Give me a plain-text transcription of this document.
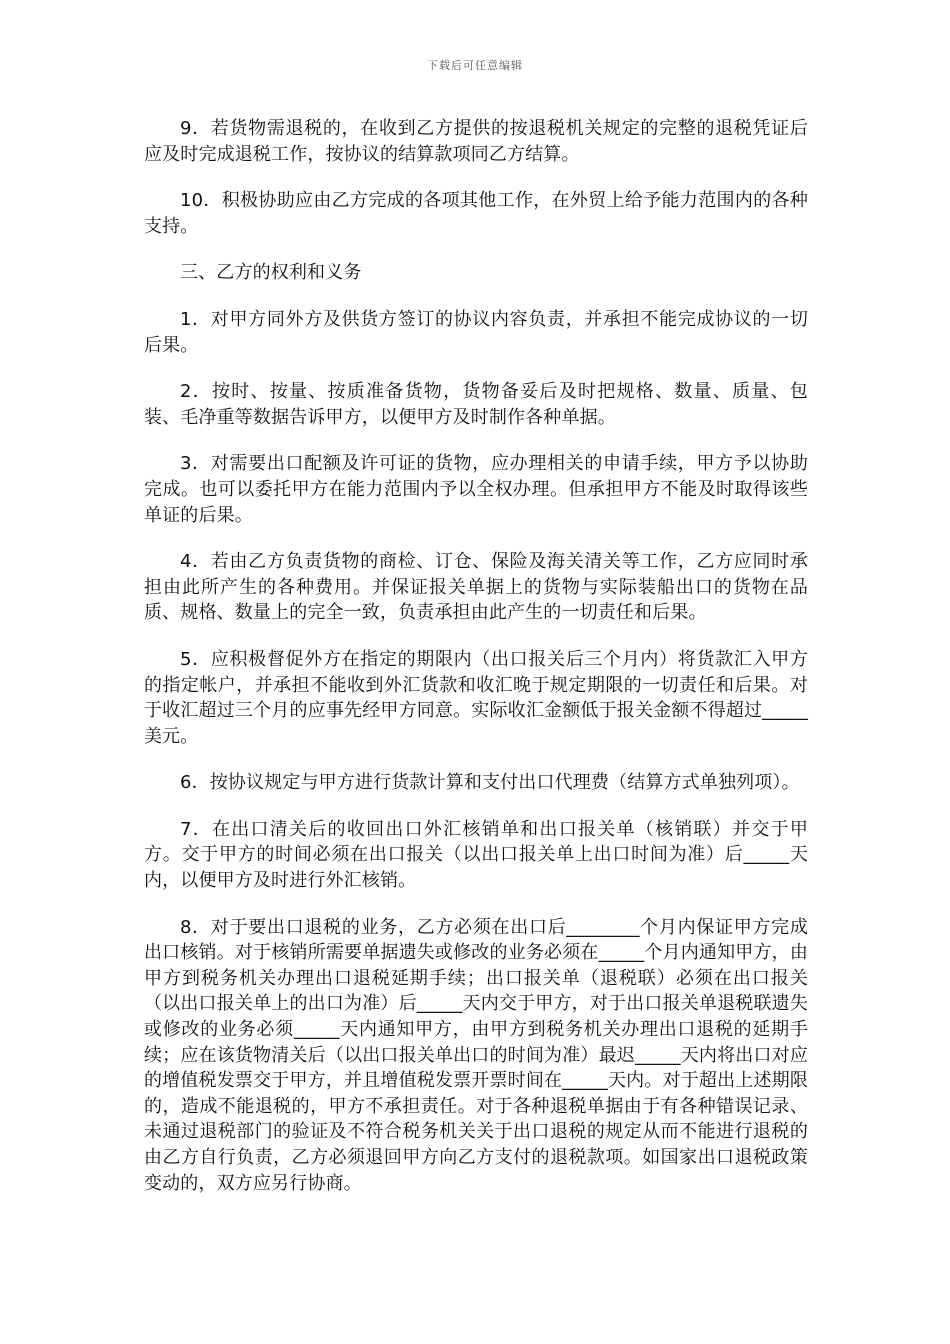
下载后可任意编辑

9．若货物需退税的，在收到乙方提供的按退税机关规定的完整的退税凭证后应及时完成退税工作，按协议的结算款项同乙方结算。

10．积极协助应由乙方完成的各项其他工作，在外贸上给予能力范围内的各种支持。

三、乙方的权利和义务

1．对甲方同外方及供货方签订的协议内容负责，并承担不能完成协议的一切后果。

2．按时、按量、按质准备货物，货物备妥后及时把规格、数量、质量、包装、毛净重等数据告诉甲方，以便甲方及时制作各种单据。

3．对需要出口配额及许可证的货物，应办理相关的申请手续，甲方予以协助完成。也可以委托甲方在能力范围内予以全权办理。但承担甲方不能及时取得该些单证的后果。

4．若由乙方负责货物的商检、订仓、保险及海关清关等工作，乙方应同时承担由此所产生的各种费用。并保证报关单据上的货物与实际装船出口的货物在品质、规格、数量上的完全一致，负责承担由此产生的一切责任和后果。

5．应积极督促外方在指定的期限内（出口报关后三个月内）将货款汇入甲方的指定帐户，并承担不能收到外汇货款和收汇晚于规定期限的一切责任和后果。对于收汇超过三个月的应事先经甲方同意。实际收汇金额低于报关金额不得超过_____美元。

6．按协议规定与甲方进行货款计算和支付出口代理费（结算方式单独列项）。

7．在出口清关后的收回出口外汇核销单和出口报关单（核销联）并交于甲方。交于甲方的时间必须在出口报关（以出口报关单上出口时间为准）后_____天内，以便甲方及时进行外汇核销。

8．对于要出口退税的业务，乙方必须在出口后________个月内保证甲方完成出口核销。对于核销所需要单据遗失或修改的业务必须在_____个月内通知甲方，由甲方到税务机关办理出口退税延期手续；出口报关单（退税联）必须在出口报关（以出口报关单上的出口为准）后_____天内交于甲方，对于出口报关单退税联遗失或修改的业务必须_____天内通知甲方，由甲方到税务机关办理出口退税的延期手续；应在该货物清关后（以出口报关单出口的时间为准）最迟_____天内将出口对应的增值税发票交于甲方，并且增值税发票开票时间在_____天内。对于超出上述期限的，造成不能退税的，甲方不承担责任。对于各种退税单据由于有各种错误记录、未通过退税部门的验证及不符合税务机关关于出口退税的规定从而不能进行退税的由乙方自行负责，乙方必须退回甲方向乙方支付的退税款项。如国家出口退税政策变动的，双方应另行协商。
